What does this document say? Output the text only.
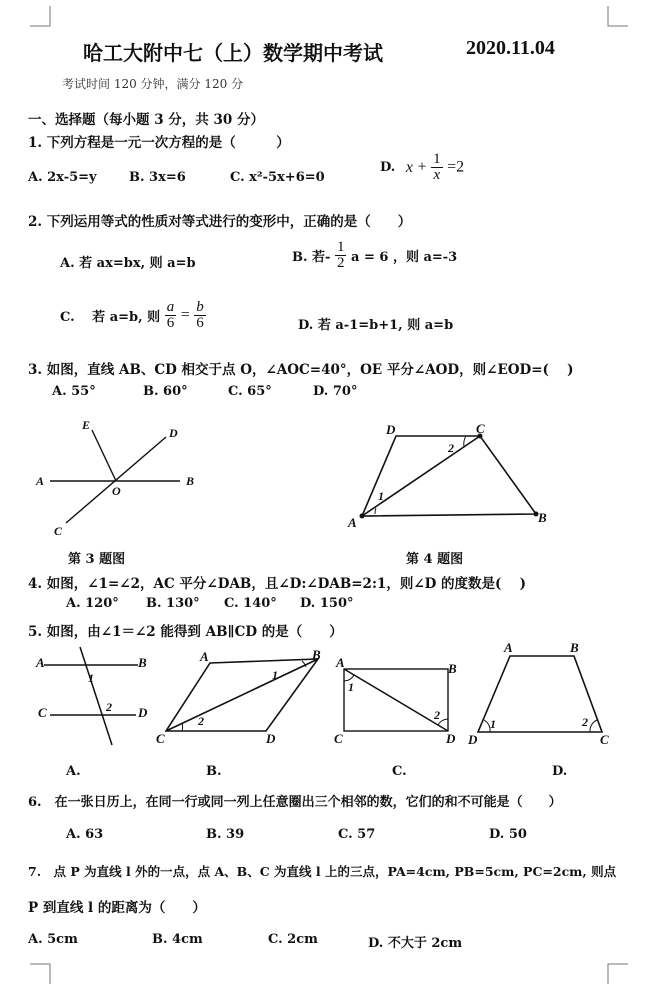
哈工大附中七（上）数学期中考试	2020.11.04
考试时间 120 分钟，满分 120 分
一、选择题（每小题 3 分，共 30 分）
1. 下列方程是一元一次方程的是（　　　）
A. 2x-5=y B. 3x=6	C. x²-5x+6=0
D. $x + \frac{1}{x} =2$
2. 下列运用等式的性质对等式进行的变形中，正确的是（　　）
A. 若 ax=bx, 则 a=b	B. 若- $\frac{1}{2}$ a = 6 ，则 a=-3
C.　 若 a=b, 则 $\frac{a}{6} = \frac{b}{6}$	D. 若 a-1=b+1, 则 a=b
3. 如图，直线 AB、CD 相交于点 O，∠AOC=40°，OE 平分∠AOD，则∠EOD=(　 )
A. 55°	B. 60°	C. 65°	D. 70°
E
D
A
O
B
C
第 3 题图
D	C
A	B
1
2
第 4 题图
4. 如图，∠1=∠2，AC 平分∠DAB，且∠D:∠DAB=2:1，则∠D 的度数是(　 )
A. 120° B. 130° C. 140° D. 150°
5. 如图，由∠1＝∠2 能得到 AB∥CD 的是（　　）
A	B
C	D
1
2
A.
A	B
C	D
1
2
B.
A	B
C	D
1
2
C.
A	B
D	C
1	2
D.
6.　在一张日历上，在同一行或同一列上任意圈出三个相邻的数，它们的和不可能是（　　）
A. 63	B. 39	C. 57	D. 50
7.　点 P 为直线 l 外的一点，点 A、B、C 为直线 l 上的三点，PA=4cm, PB=5cm, PC=2cm, 则点
P 到直线 l 的距离为（　　）
A. 5cm	B. 4cm	C. 2cm	D. 不大于 2cm
